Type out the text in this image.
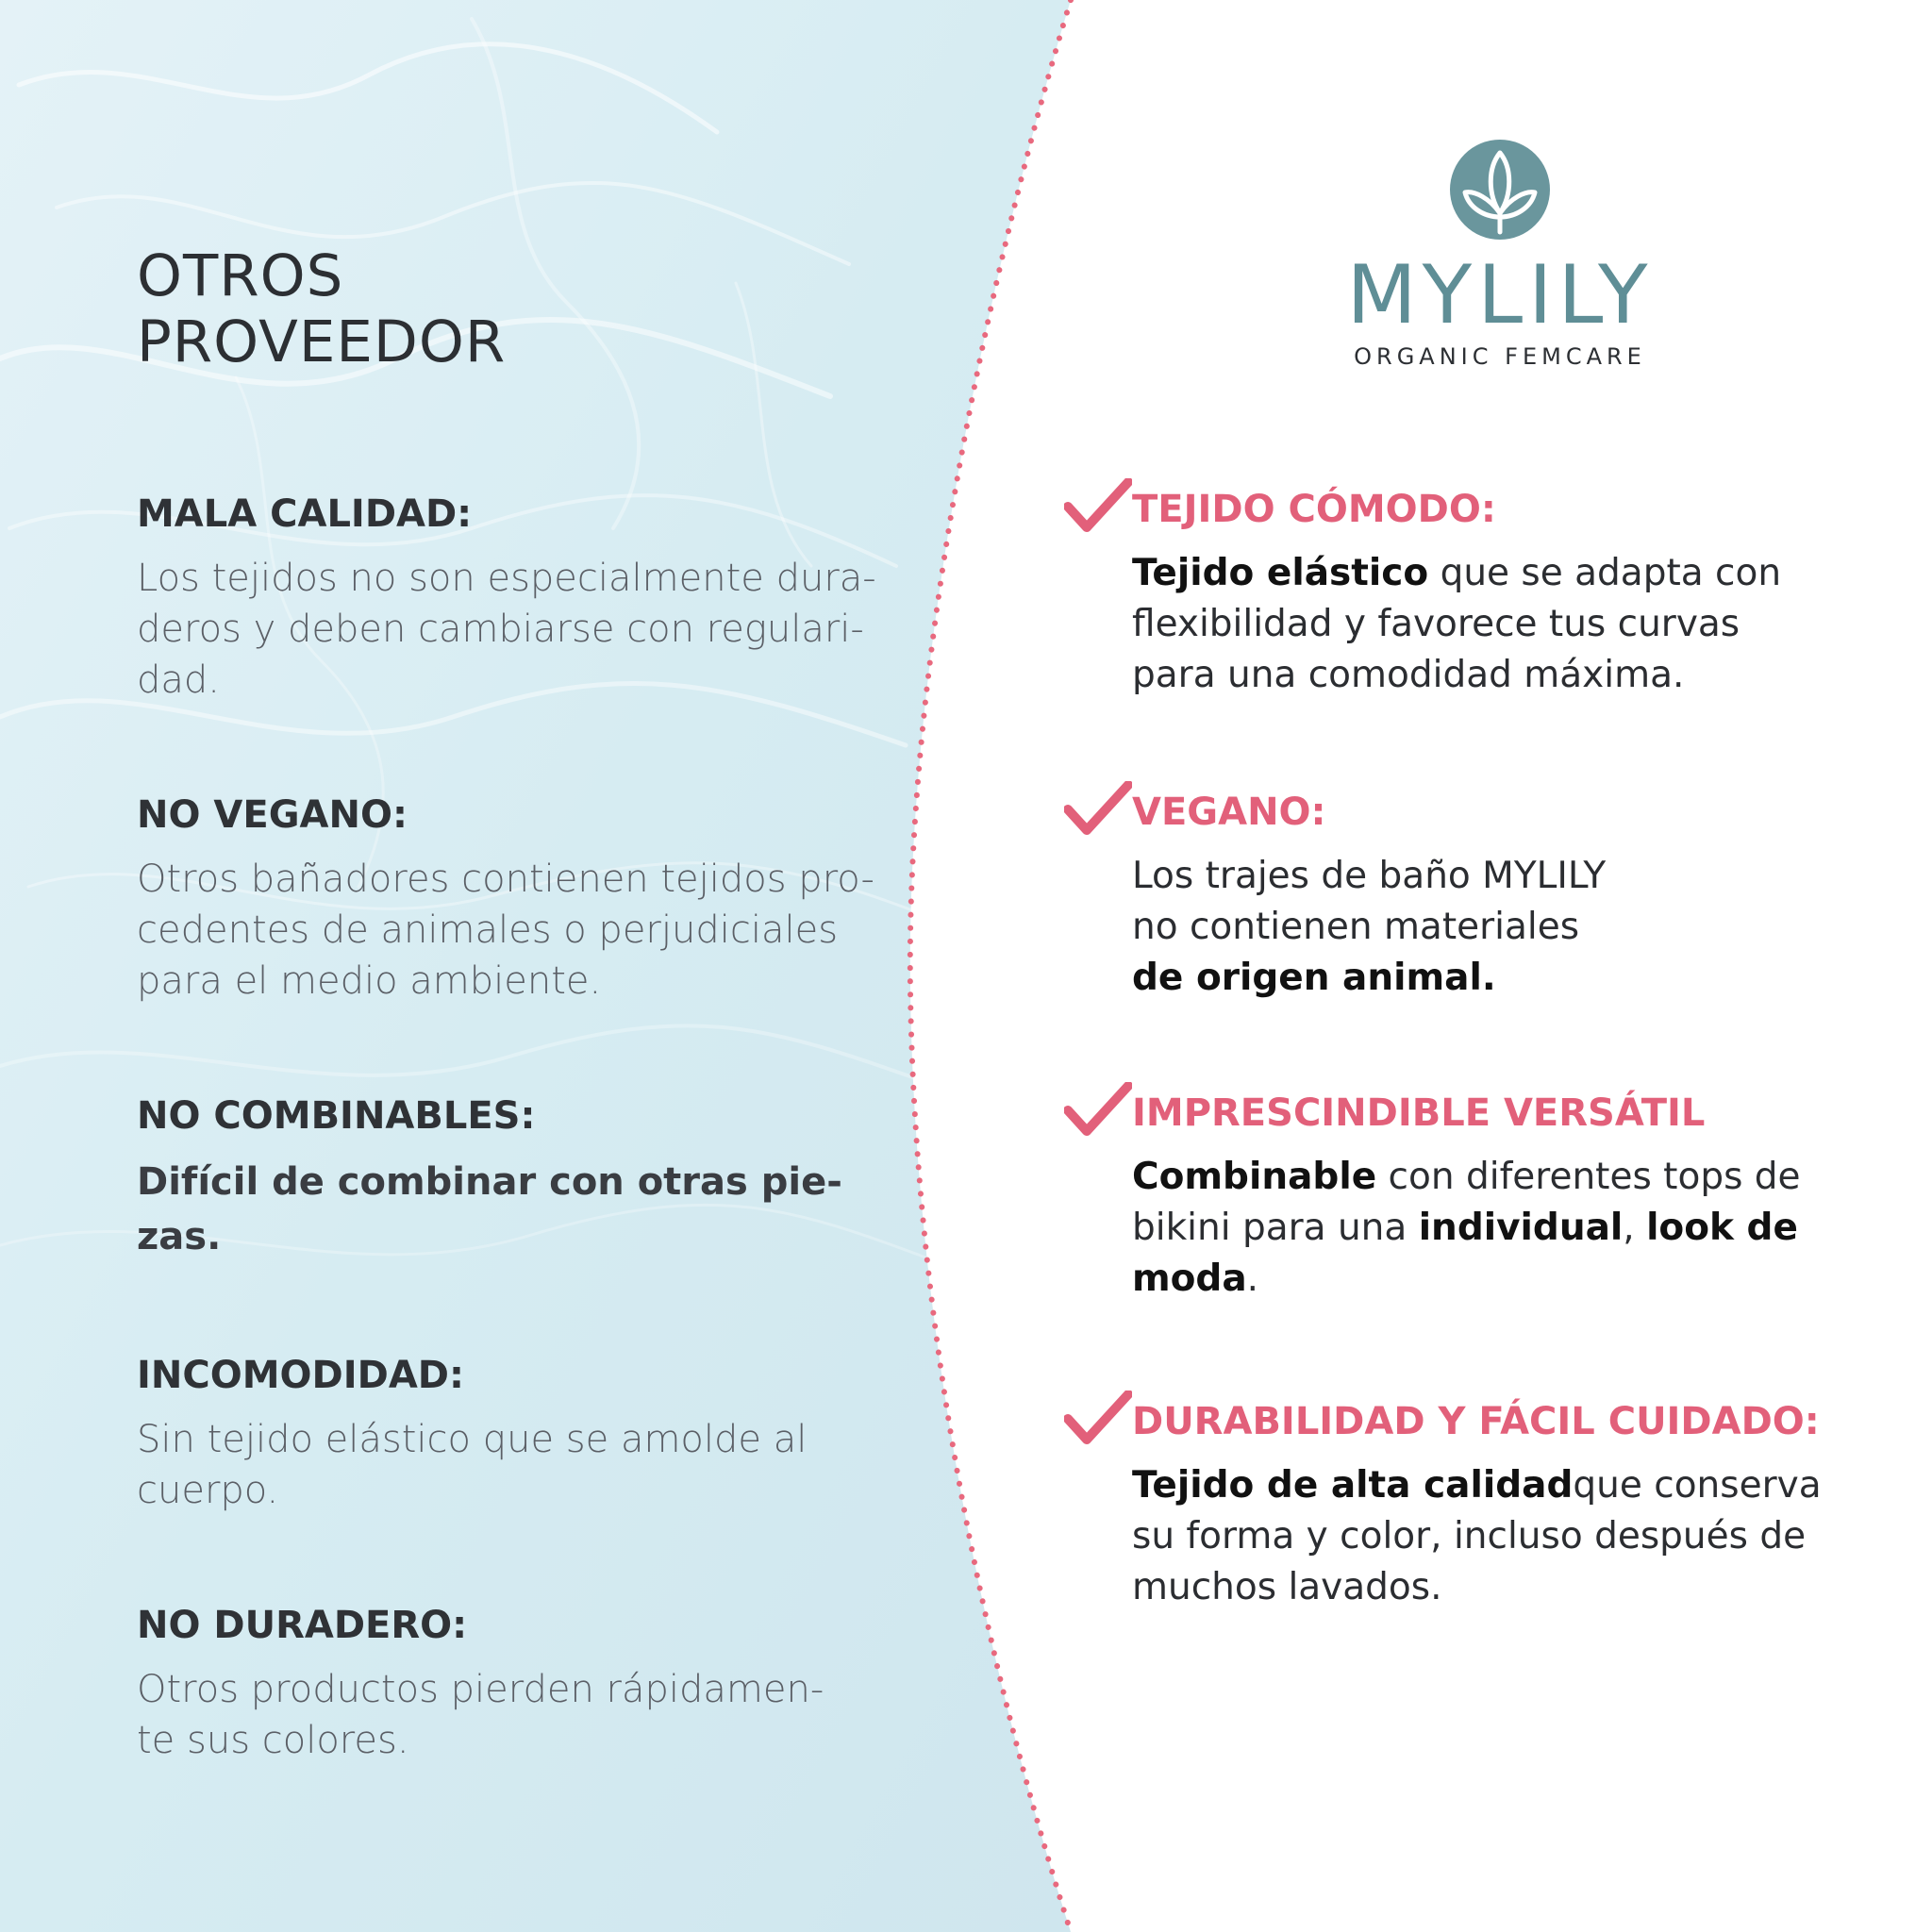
OTROS
PROVEEDOR
MALA CALIDAD:

Los tejidos no son especialmente dura-
deros y deben cambiarse con regulari-
dad.

NO VEGANO:

Otros bañadores contienen tejidos pro-
cedentes de animales o perjudiciales
para el medio ambiente.

NO COMBINABLES:

Difícil de combinar con otras pie-
zas.

INCOMODIDAD:

Sin tejido elástico que se amolde al
cuerpo.

NO DURADERO:

Otros productos pierden rápidamen-
te sus colores.

MYLILY
ORGANIC FEMCARE
TEJIDO CÓMODO:

Tejido elástico que se adapta con
flexibilidad y favorece tus curvas
para una comodidad máxima.

VEGANO:

Los trajes de baño MYLILY
no contienen materiales
de origen animal.

IMPRESCINDIBLE VERSÁTIL

Combinable con diferentes tops de
bikini para una individual, look de
moda.

DURABILIDAD Y FÁCIL CUIDADO:

Tejido de alta calidadque conserva
su forma y color, incluso después de
muchos lavados.
